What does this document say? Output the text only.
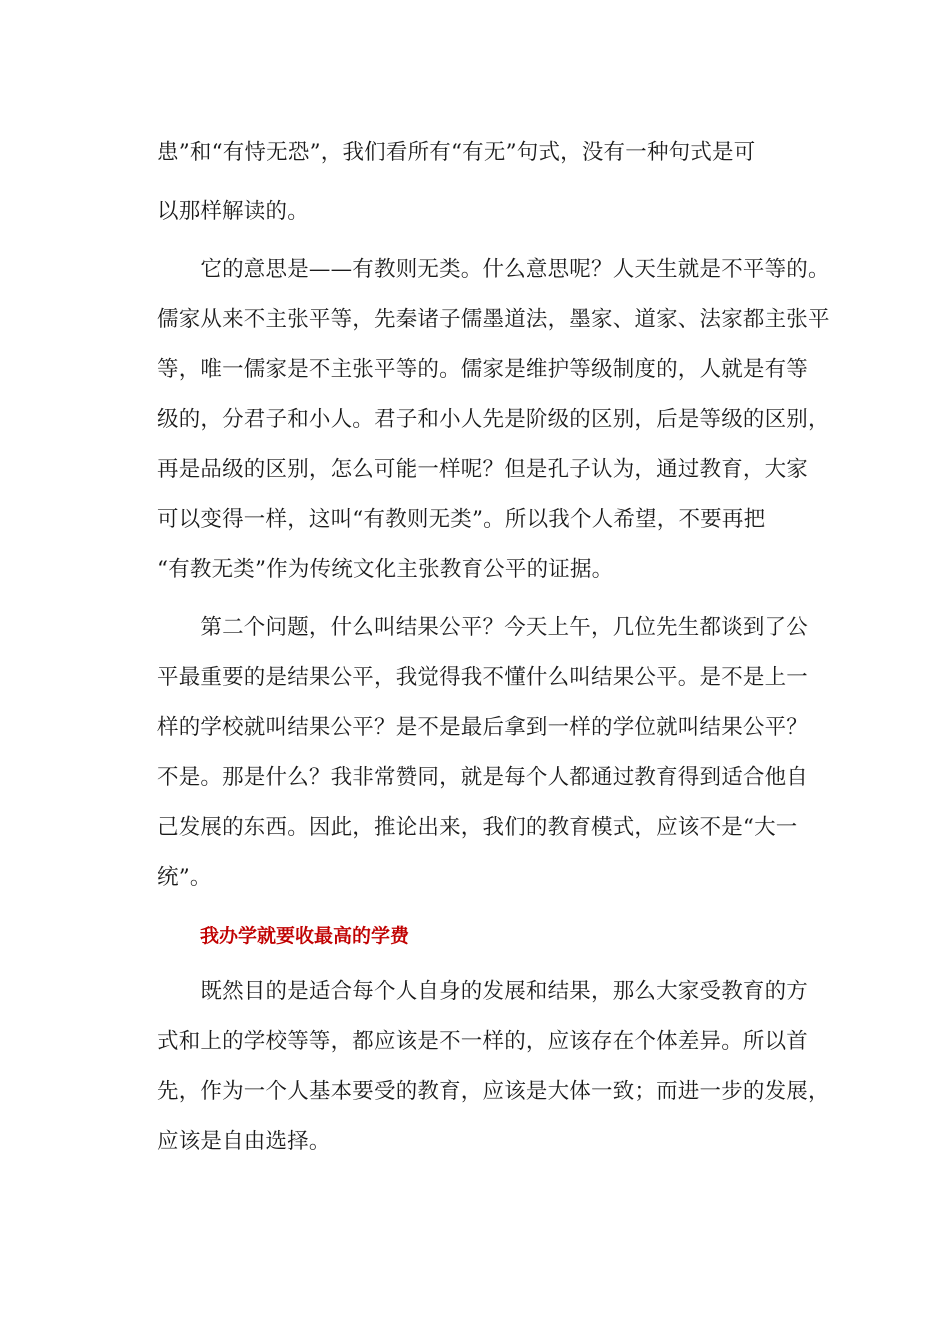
患”和“有恃无恐”，我们看所有“有无”句式，没有一种句式是可
以那样解读的。
　　它的意思是——有教则无类。什么意思呢？人天生就是不平等的。
儒家从来不主张平等，先秦诸子儒墨道法，墨家、道家、法家都主张平
等，唯一儒家是不主张平等的。儒家是维护等级制度的，人就是有等
级的，分君子和小人。君子和小人先是阶级的区别，后是等级的区别，
再是品级的区别，怎么可能一样呢？但是孔子认为，通过教育，大家
可以变得一样，这叫“有教则无类”。所以我个人希望，不要再把
“有教无类”作为传统文化主张教育公平的证据。
　　第二个问题，什么叫结果公平？今天上午，几位先生都谈到了公
平最重要的是结果公平，我觉得我不懂什么叫结果公平。是不是上一
样的学校就叫结果公平？是不是最后拿到一样的学位就叫结果公平？
不是。那是什么？我非常赞同，就是每个人都通过教育得到适合他自
己发展的东西。因此，推论出来，我们的教育模式，应该不是“大一
统”。
我办学就要收最高的学费
　　既然目的是适合每个人自身的发展和结果，那么大家受教育的方
式和上的学校等等，都应该是不一样的，应该存在个体差异。所以首
先，作为一个人基本要受的教育，应该是大体一致；而进一步的发展，
应该是自由选择。
